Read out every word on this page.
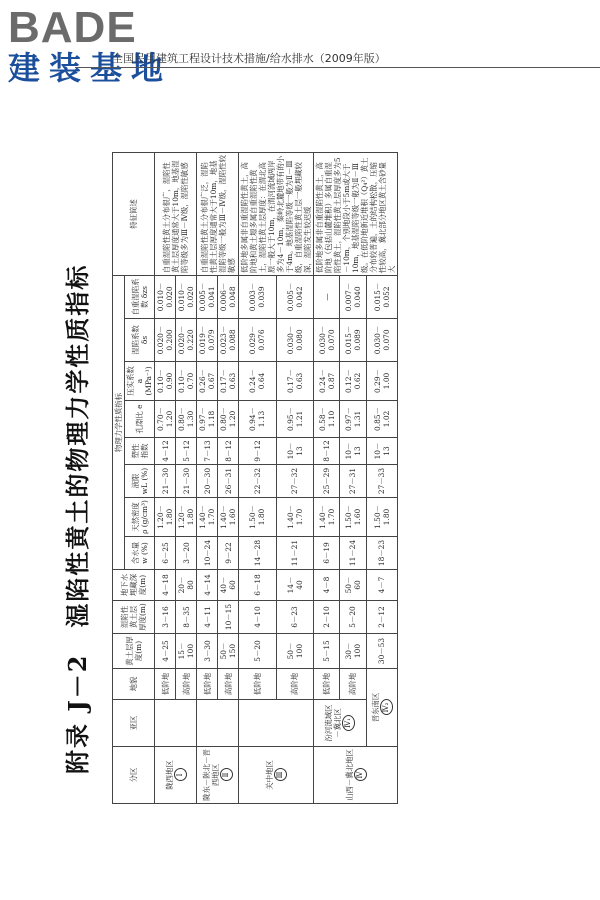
BADE
建装基地
全国民用建筑工程设计技术措施/给水排水（2009年版）
附录 J－2　湿陷性黄土的物理力学性质指标
分区	亚区	地貌	黄土层厚度(m)	湿陷性黄土层厚度(m)	地下水埋藏深度(m)	物理力学性质指标								特征简述
						含水量 w (%)	天然密度 ρ (g/cm³)	液限 wL (%)	塑性指数	孔隙比 e	压实系数 a (MPa⁻¹)	湿陷系数 δs	自重湿陷系数 δzs	
陇西地区 Ⅰ		低阶地	4－25	3－16	4－18	6－25	1.20－1.80	21－30	4－12	0.70－1.20	0.10－0.90	0.020－0.200	0.010－0.020	自重湿陷性黄土分布很广，湿陷性黄土层厚度通常大于10m，地基湿陷等级多为Ⅲ－Ⅳ级，湿陷性敏感
		高阶地	15－100	8－35	20－80	3－20	1.20－1.80	21－30	5－12	0.80－1.30	0.10－0.70	0.020－0.220	0.010－0.020	
陇东－陕北－晋西地区 Ⅱ		低阶地	3－30	4－11	4－14	10－24	1.40－1.70	20－30	7－13	0.97－1.18	0.26－0.67	0.019－0.079	0.005－0.041	自重湿陷性黄土分布很广泛，湿陷性黄土层厚度通常大于10m，地基湿陷等级一般为Ⅲ－Ⅳ级，湿陷性较敏感
		高阶地	50－150	10－15	40－60	9－22	1.40－1.60	26－31	8－12	0.80－1.20	0.17－0.63	0.023－0.088	0.006－0.048	
关中地区 Ⅲ		低阶地	5－20	4－10	6－18	14－28	1.50－1.80	22－32	9－12	0.94－1.13	0.24－0.64	0.029－0.076	0.003－0.039	低阶地多属非自重湿陷性黄土，高阶地和黄土塬多属自重湿陷性黄土，湿陷性黄土层厚度：在渭北高原一般大于10m，在渭河流域两岸多为4－10m，秦岭北麓地带有的小于4m。地基湿陷等级一般为Ⅱ－Ⅲ级，自重湿陷性黄土层一般埋藏较深，湿陷发生较迟缓
		高阶地	50－100	6－23	14－40	11－21	1.40－1.70	27－32	10－13	0.95－1.21	0.17－0.63	0.030－0.080	0.005－0.042	
山西－冀北地区 Ⅳ	汾河流域区－冀北区 Ⅳ₁	低阶地	5－15	2－10	4－8	6－19	1.40－1.70	25－29	8－12	0.58－1.10	0.24－0.87	0.030－0.070	—	低阶地多属非自重湿陷性黄土，高阶地（包括山麓堆积）多属自重湿陷性黄土，湿陷性黄土层厚度多为5－10m，个别地段小于5m或大于10m，地基湿陷等级一般为Ⅱ－Ⅲ级。在低阶地新近堆积（Q₄²）黄土分布较普遍，土的结构松散，压缩性较高，冀北部分地区黄土含砂量大
		高阶地	30－100	5－20	50－60	11－24	1.50－1.60	27－31	10－13	0.97－1.31	0.12－0.62	0.015－0.089	0.007－0.040	
	晋东南区 Ⅳ₂		30－53	2－12	4－7	18－23	1.50－1.80	27－33	10－13	0.85－1.02	0.29－1.00	0.030－0.070	0.015－0.052	
